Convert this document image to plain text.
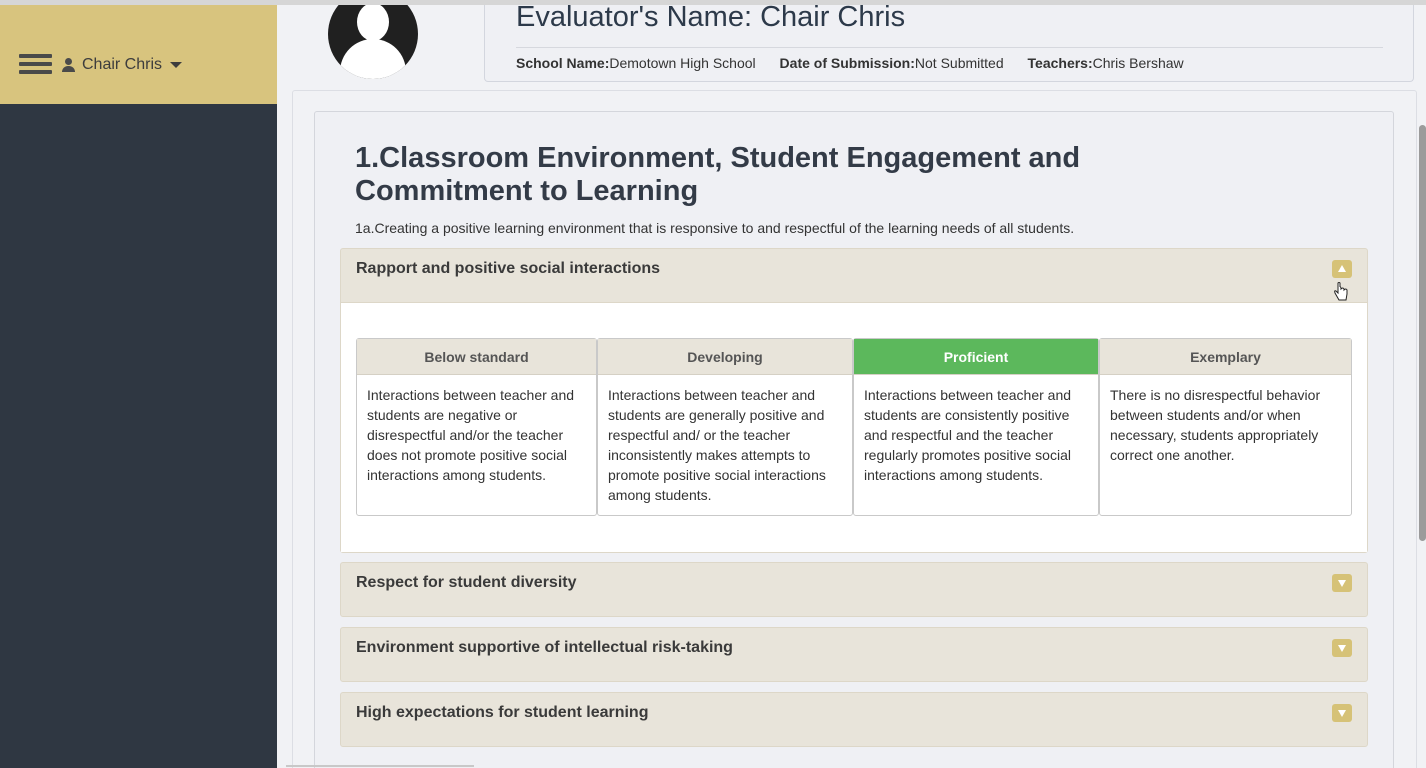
Chair Chris
Evaluator's Name: Chair Chris
School Name:Demotown High School Date of Submission:Not Submitted Teachers:Chris Bershaw
1.Classroom Environment, Student Engagement and Commitment to Learning
1a.Creating a positive learning environment that is responsive to and respectful of the learning needs of all students.
Rapport and positive social interactions
Below standard
Interactions between teacher and students are negative or disrespectful and/or the teacher does not promote positive social interactions among students.
Developing
Interactions between teacher and students are generally positive and respectful and/ or the teacher inconsistently makes attempts to promote positive social interactions among students.
Proficient
Interactions between teacher and students are consistently positive and respectful and the teacher regularly promotes positive social interactions among students.
Exemplary
There is no disrespectful behavior between students and/or when necessary, students appropriately correct one another.
Respect for student diversity
Environment supportive of intellectual risk-taking
High expectations for student learning
